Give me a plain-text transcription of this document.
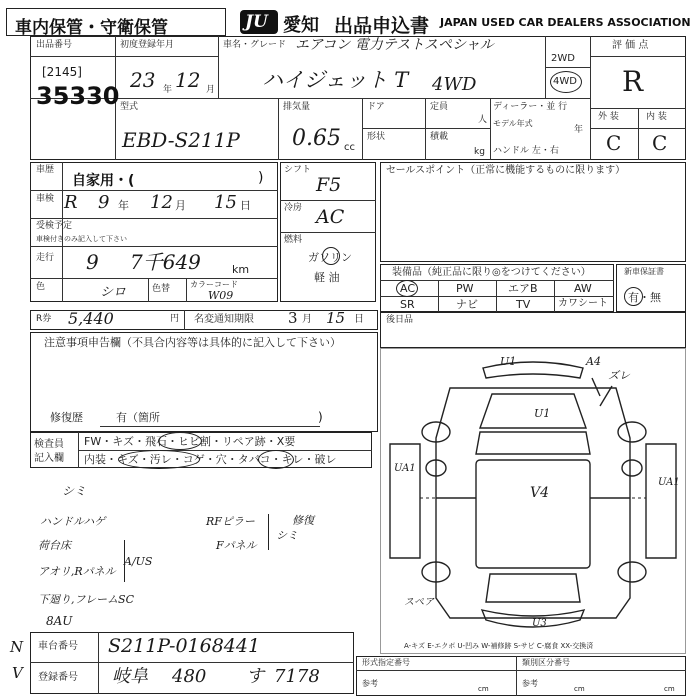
車内保管・守衛保管	JU 愛知 出品申込書 JAPAN USED CAR DEALERS ASSOCIATION
出品番号
[2145]
35330
初度登録年月
23 12
年	月
車名・グレード エアコン 電力テストスペシャル
ハイジェット T 4WD
2WD
4WD
評 価 点
R
外 装	内 装
C C
型式
EBD-S211P
排気量
0.65 cc
ドア
形状
定員
人
積載
kg
ディーラー・並 行
モデル年式
年
ハンドル 左・右
車歴
自家用・(	)
車検 R 9 年 12 月 15 日
受検予定
車検付きのみ記入して下さい
走行 9 7千649	km
色	シロ	色替 カラーコード
W09
シフト
F5
冷房 AC
燃料
ガソリン
軽 油
セールスポイント（正常に機能するものに限ります）
装備品（純正品に限り◎をつけてください）
AC	PW	エアB	AW
SR	ナビ	TV	カワシート
新車保証書
有・無
R券 5,440	円 名変通知期限 3 月 15 日 後日品
注意事項申告欄（不具合内容等は具体的に記入して下さい）
修復歴	有（箇所	)
検査員記入欄
FW・キズ・飛石・ヒビ割・リペア跡・X要
内装・キズ・汚レ・コゲ・穴・タバコ・キレ・破レ
シミ
ハンドルハゲ
荷台床
アオリ,Rパネル
A/US
下廻り,フレームSC
8AU
RFピラー
Fパネル
修復
シミ
N
V
車台番号 S211P-0168441
登録番号 岐阜 480 す 7178
U1	A4
ズレ
U1
V4
UA1
UA1
スペア
U3
A-キズ E-エクボ U-凹み W-補修跡 S-サビ C-腐食 XX-交換済
形式指定番号	類別区分番号
参考
cm
参考
cm	cm
